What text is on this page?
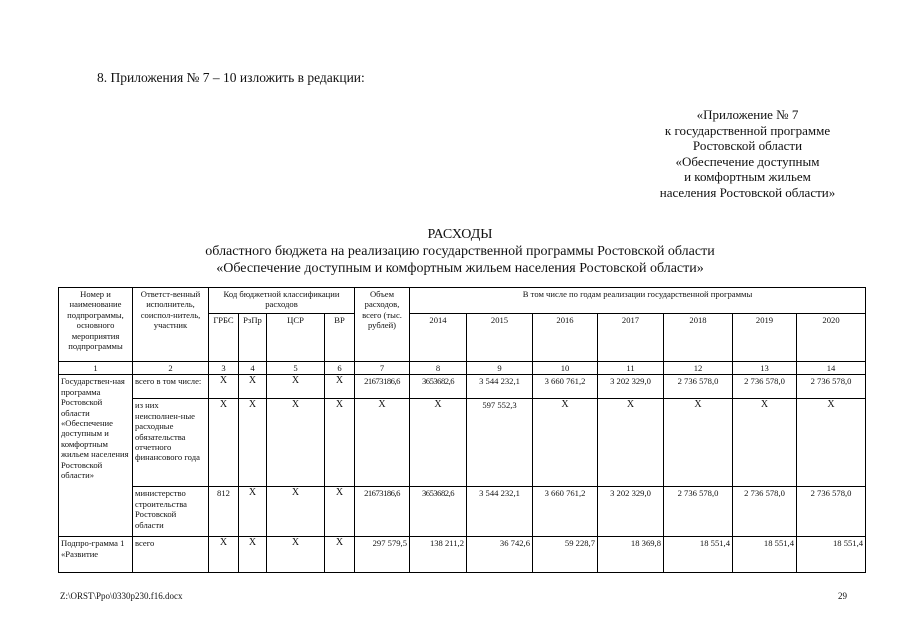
8. Приложения № 7 – 10 изложить в редакции:
«Приложение № 7
к государственной программе
Ростовской области
«Обеспечение доступным
и комфортным жильем
населения Ростовской области»
РАСХОДЫ
областного бюджета на реализацию государственной программы Ростовской области
«Обеспечение доступным и комфортным жильем населения Ростовской области»
Номер и наименование подпрограммы, основного мероприятия подпрограммы	Ответст-венный исполнитель, соиспол-нитель, участник	Код бюджетной классификации расходов				Объем расходов, всего (тыс. рублей)	В том числе по годам реализации государственной программы						
		ГРБС	РзПр	ЦСР	ВР		2014	2015	2016	2017	2018	2019	2020
1	2	3	4	5	6	7	8	9	10	11	12	13	14
Государствен-ная программа Ростовской области «Обеспечение доступным и комфортным жильем населения Ростовской области»	всего в том числе:	X	X	X	X	21673186,6	3653682,6	3 544 232,1	3 660 761,2	3 202 329,0	2 736 578,0	2 736 578,0	2 736 578,0
	из них неисполнен-ные расходные обязательства отчетного финансового года	X	X	X	X	X	X	597 552,3	X	X	X	X	X
	министерство строительства Ростовской области	812	X	X	X	21673186,6	3653682,6	3 544 232,1	3 660 761,2	3 202 329,0	2 736 578,0	2 736 578,0	2 736 578,0
Подпро-грамма 1 «Развитие	всего	X	X	X	X	297 579,5	138 211,2	36 742,6	59 228,7	18 369,8	18 551,4	18 551,4	18 551,4
Z:\ORST\Ppo\0330p230.f16.docx	29
